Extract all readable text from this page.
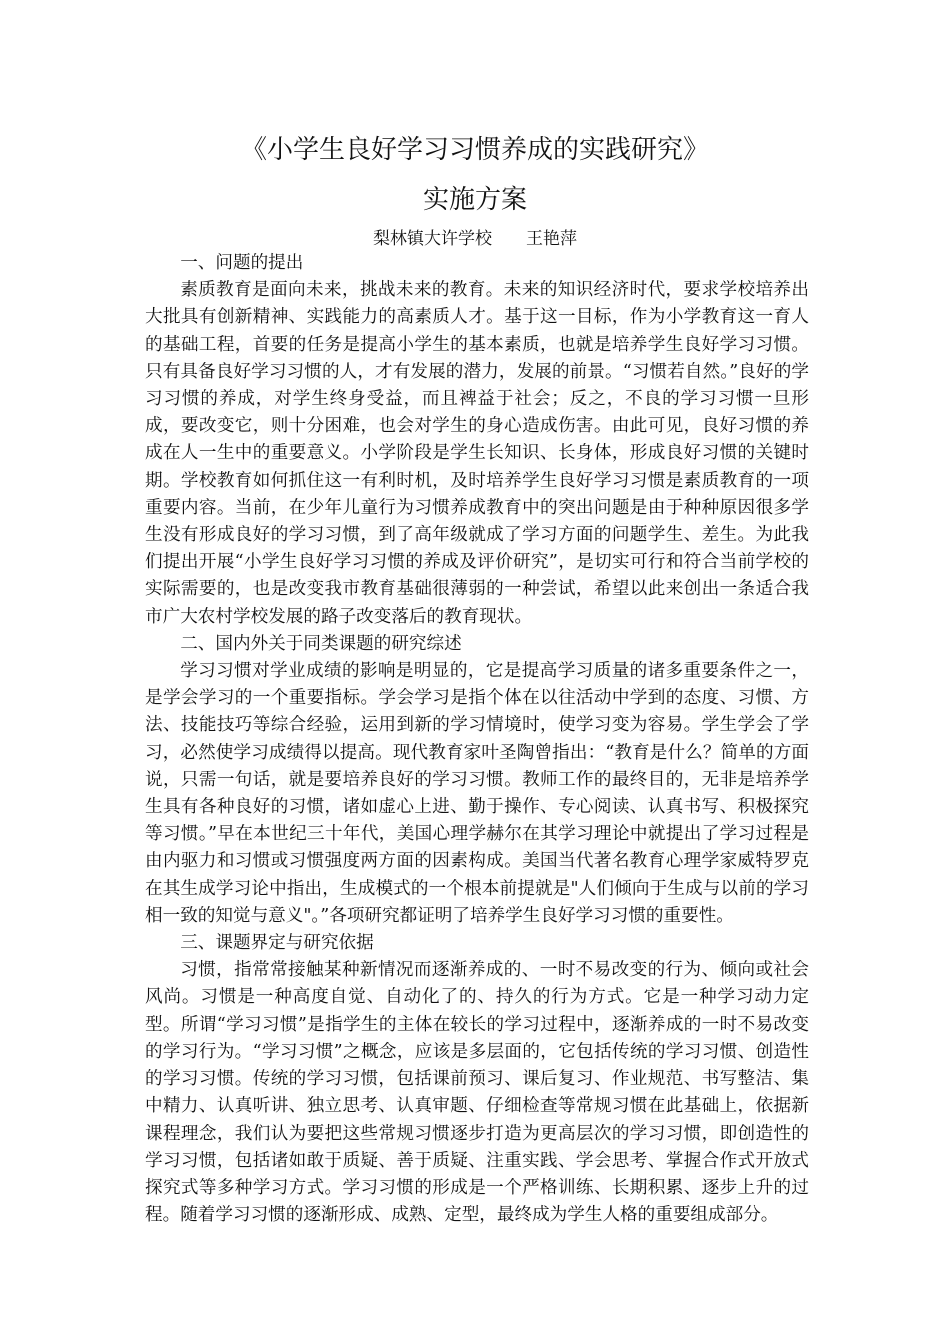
《小学生良好学习习惯养成的实践研究》
实施方案
梨林镇大许学校 王艳萍

一、问题的提出

素质教育是面向未来，挑战未来的教育。未来的知识经济时代，要求学校培养出大批具有创新精神、实践能力的高素质人才。基于这一目标，作为小学教育这一育人的基础工程，首要的任务是提高小学生的基本素质，也就是培养学生良好学习习惯。只有具备良好学习习惯的人，才有发展的潜力，发展的前景。“习惯若自然。”良好的学习习惯的养成，对学生终身受益，而且裨益于社会；反之，不良的学习习惯一旦形成，要改变它，则十分困难，也会对学生的身心造成伤害。由此可见，良好习惯的养成在人一生中的重要意义。小学阶段是学生长知识、长身体，形成良好习惯的关键时期。学校教育如何抓住这一有利时机，及时培养学生良好学习习惯是素质教育的一项重要内容。当前，在少年儿童行为习惯养成教育中的突出问题是由于种种原因很多学生没有形成良好的学习习惯，到了高年级就成了学习方面的问题学生、差生。为此我们提出开展“小学生良好学习习惯的养成及评价研究”，是切实可行和符合当前学校的实际需要的，也是改变我市教育基础很薄弱的一种尝试，希望以此来创出一条适合我市广大农村学校发展的路子改变落后的教育现状。

二、国内外关于同类课题的研究综述

学习习惯对学业成绩的影响是明显的，它是提高学习质量的诸多重要条件之一，是学会学习的一个重要指标。学会学习是指个体在以往活动中学到的态度、习惯、方法、技能技巧等综合经验，运用到新的学习情境时，使学习变为容易。学生学会了学习，必然使学习成绩得以提高。现代教育家叶圣陶曾指出：“教育是什么？简单的方面说，只需一句话，就是要培养良好的学习习惯。教师工作的最终目的，无非是培养学生具有各种良好的习惯，诸如虚心上进、勤于操作、专心阅读、认真书写、积极探究等习惯。”早在本世纪三十年代，美国心理学赫尔在其学习理论中就提出了学习过程是由内驱力和习惯或习惯强度两方面的因素构成。美国当代著名教育心理学家威特罗克在其生成学习论中指出，生成模式的一个根本前提就是"人们倾向于生成与以前的学习相一致的知觉与意义"。”各项研究都证明了培养学生良好学习习惯的重要性。

三、课题界定与研究依据

习惯，指常常接触某种新情况而逐渐养成的、一时不易改变的行为、倾向或社会风尚。习惯是一种高度自觉、自动化了的、持久的行为方式。它是一种学习动力定型。所谓“学习习惯”是指学生的主体在较长的学习过程中，逐渐养成的一时不易改变的学习行为。“学习习惯”之概念，应该是多层面的，它包括传统的学习习惯、创造性的学习习惯。传统的学习习惯，包括课前预习、课后复习、作业规范、书写整洁、集中精力、认真听讲、独立思考、认真审题、仔细检查等常规习惯在此基础上，依据新课程理念，我们认为要把这些常规习惯逐步打造为更高层次的学习习惯，即创造性的学习习惯，包括诸如敢于质疑、善于质疑、注重实践、学会思考、掌握合作式开放式探究式等多种学习方式。学习习惯的形成是一个严格训练、长期积累、逐步上升的过程。随着学习习惯的逐渐形成、成熟、定型，最终成为学生人格的重要组成部分。
